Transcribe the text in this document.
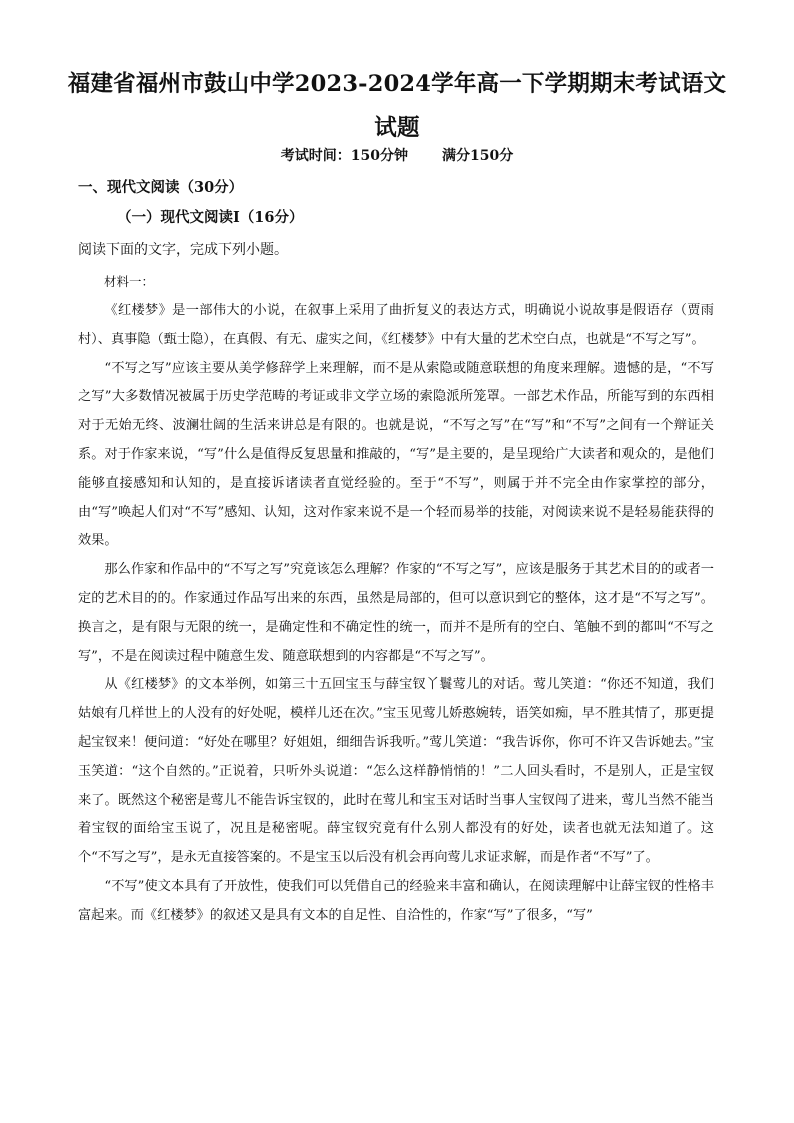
福建省福州市鼓山中学2023-2024学年高一下学期期末考试语文试题
考试时间：150分钟 满分150分
一、现代文阅读（30分）
（一）现代文阅读Ⅰ（16分）
阅读下面的文字，完成下列小题。
材料一：

《红楼梦》是一部伟大的小说，在叙事上采用了曲折复义的表达方式，明确说小说故事是假语存（贾雨村）、真事隐（甄士隐），在真假、有无、虚实之间，《红楼梦》中有大量的艺术空白点，也就是“不写之写”。

“不写之写”应该主要从美学修辞学上来理解，而不是从索隐或随意联想的角度来理解。遗憾的是，“不写之写”大多数情况被属于历史学范畴的考证或非文学立场的索隐派所笼罩。一部艺术作品，所能写到的东西相对于无始无终、波澜壮阔的生活来讲总是有限的。也就是说，“不写之写”在“写”和“不写”之间有一个辩证关系。对于作家来说，“写”什么是值得反复思量和推敲的，“写”是主要的，是呈现给广大读者和观众的，是他们能够直接感知和认知的，是直接诉诸读者直觉经验的。至于“不写”，则属于并不完全由作家掌控的部分，由“写”唤起人们对“不写”感知、认知，这对作家来说不是一个轻而易举的技能，对阅读来说不是轻易能获得的效果。

那么作家和作品中的“不写之写”究竟该怎么理解？作家的“不写之写”，应该是服务于其艺术目的的或者一定的艺术目的的。作家通过作品写出来的东西，虽然是局部的，但可以意识到它的整体，这才是“不写之写”。换言之，是有限与无限的统一，是确定性和不确定性的统一，而并不是所有的空白、笔触不到的都叫“不写之写”，不是在阅读过程中随意生发、随意联想到的内容都是“不写之写”。

从《红楼梦》的文本举例，如第三十五回宝玉与薛宝钗丫鬟莺儿的对话。莺儿笑道：“你还不知道，我们姑娘有几样世上的人没有的好处呢，模样儿还在次。”宝玉见莺儿娇憨婉转，语笑如痴，早不胜其情了，那更提起宝钗来！便问道：“好处在哪里？好姐姐，细细告诉我听。”莺儿笑道：“我告诉你，你可不许又告诉她去。”宝玉笑道：“这个自然的。”正说着，只听外头说道：“怎么这样静悄悄的！”二人回头看时，不是别人，正是宝钗来了。既然这个秘密是莺儿不能告诉宝钗的，此时在莺儿和宝玉对话时当事人宝钗闯了进来，莺儿当然不能当着宝钗的面给宝玉说了，况且是秘密呢。薛宝钗究竟有什么别人都没有的好处，读者也就无法知道了。这个“不写之写”，是永无直接答案的。不是宝玉以后没有机会再向莺儿求证求解，而是作者“不写”了。

“不写”使文本具有了开放性，使我们可以凭借自己的经验来丰富和确认，在阅读理解中让薛宝钗的性格丰富起来。而《红楼梦》的叙述又是具有文本的自足性、自洽性的，作家“写”了很多，“写”
